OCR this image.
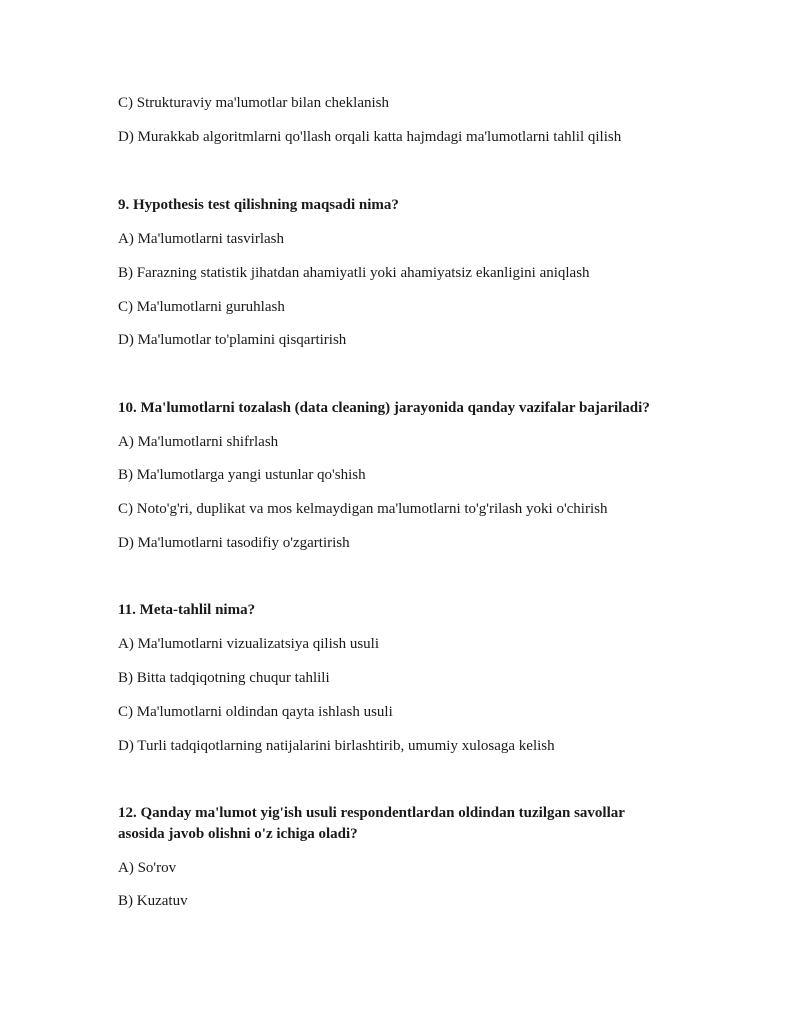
C) Strukturaviy ma'lumotlar bilan cheklanish
D) Murakkab algoritmlarni qo'llash orqali katta hajmdagi ma'lumotlarni tahlil qilish
9. Hypothesis test qilishning maqsadi nima?
A) Ma'lumotlarni tasvirlash
B) Farazning statistik jihatdan ahamiyatli yoki ahamiyatsiz ekanligini aniqlash
C) Ma'lumotlarni guruhlash
D) Ma'lumotlar to'plamini qisqartirish
10. Ma'lumotlarni tozalash (data cleaning) jarayonida qanday vazifalar bajariladi?
A) Ma'lumotlarni shifrlash
B) Ma'lumotlarga yangi ustunlar qo'shish
C) Noto'g'ri, duplikat va mos kelmaydigan ma'lumotlarni to'g'rilash yoki o'chirish
D) Ma'lumotlarni tasodifiy o'zgartirish
11. Meta-tahlil nima?
A) Ma'lumotlarni vizualizatsiya qilish usuli
B) Bitta tadqiqotning chuqur tahlili
C) Ma'lumotlarni oldindan qayta ishlash usuli
D) Turli tadqiqotlarning natijalarini birlashtirib, umumiy xulosaga kelish
12. Qanday ma'lumot yig'ish usuli respondentlardan oldindan tuzilgan savollar
asosida javob olishni o'z ichiga oladi?
A) So'rov
B) Kuzatuv
